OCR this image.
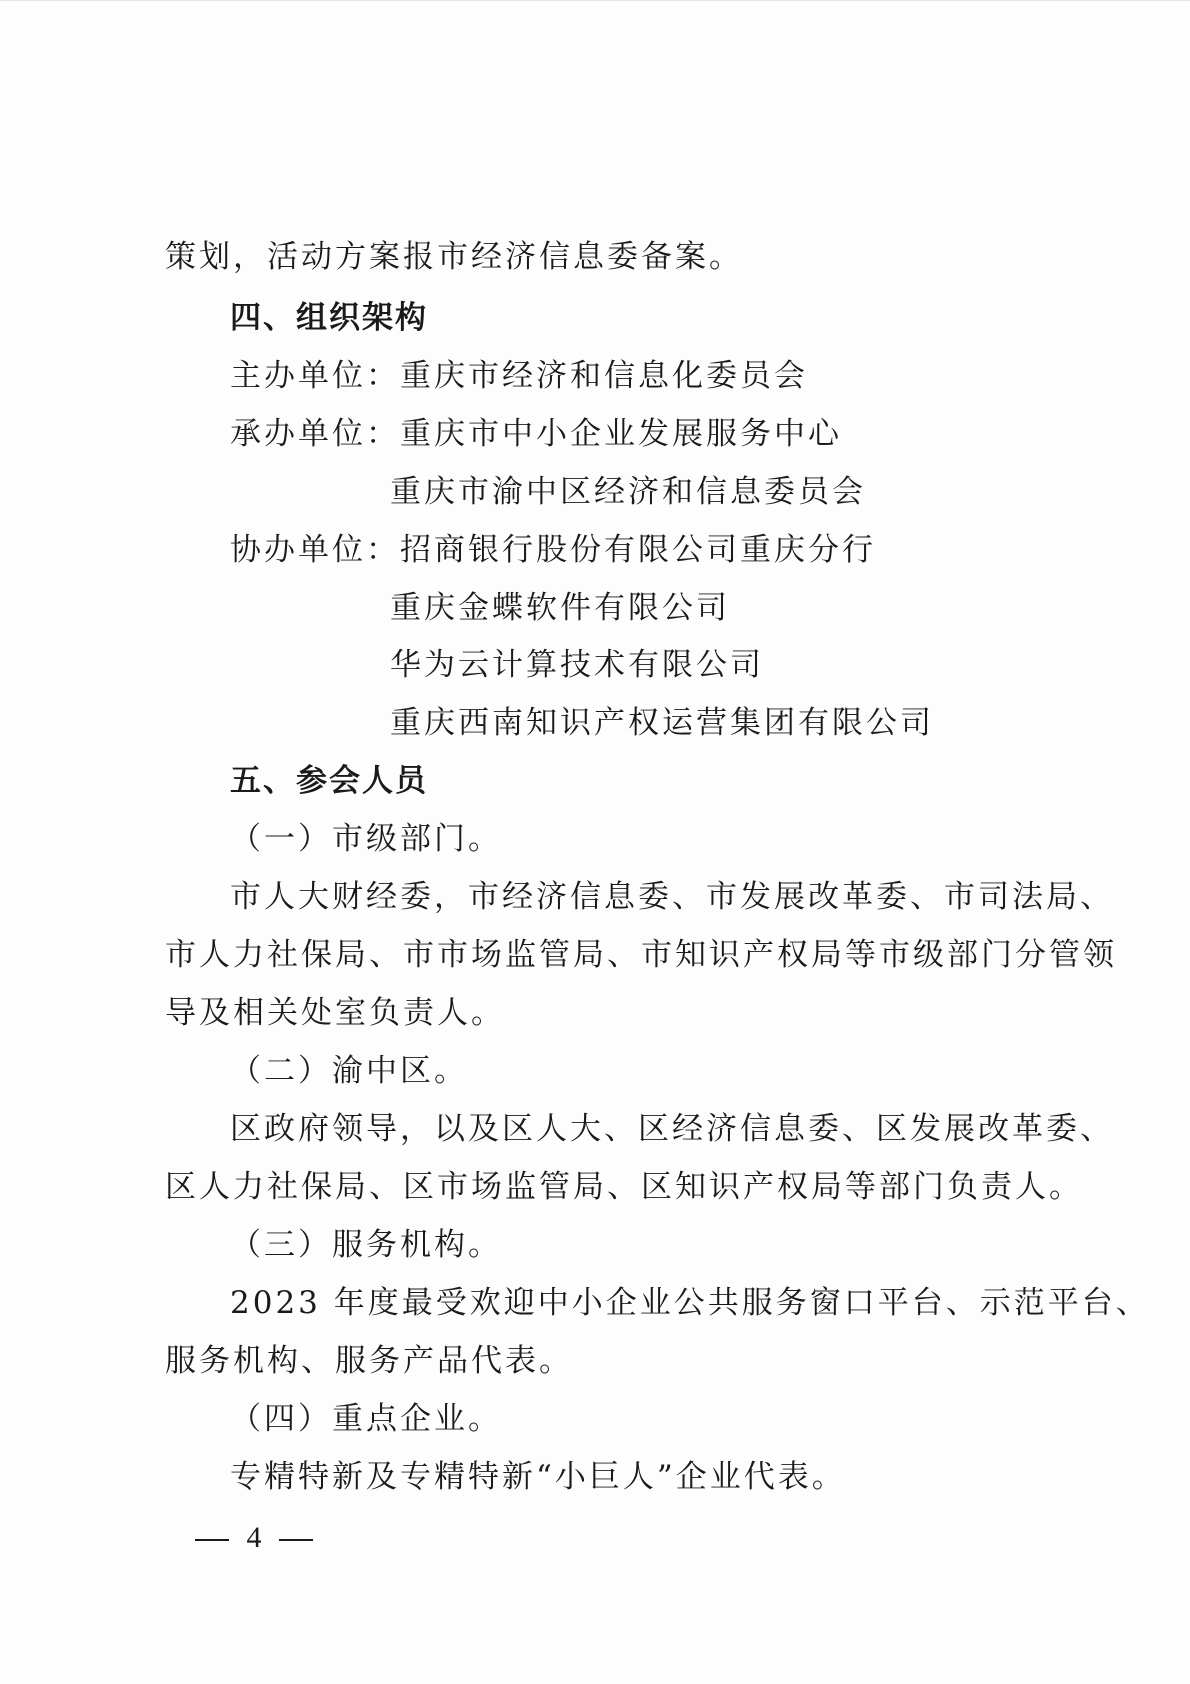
策划，活动方案报市经济信息委备案。
四、组织架构
主办单位：重庆市经济和信息化委员会
承办单位：重庆市中小企业发展服务中心
重庆市渝中区经济和信息委员会
协办单位：招商银行股份有限公司重庆分行
重庆金蝶软件有限公司
华为云计算技术有限公司
重庆西南知识产权运营集团有限公司
五、参会人员
（一）市级部门。
市人大财经委，市经济信息委、市发展改革委、市司法局、
市人力社保局、市市场监管局、市知识产权局等市级部门分管领
导及相关处室负责人。
（二）渝中区。
区政府领导，以及区人大、区经济信息委、区发展改革委、
区人力社保局、区市场监管局、区知识产权局等部门负责人。
（三）服务机构。
2023 年度最受欢迎中小企业公共服务窗口平台、示范平台、
服务机构、服务产品代表。
（四）重点企业。
专精特新及专精特新“小巨人”企业代表。
4
